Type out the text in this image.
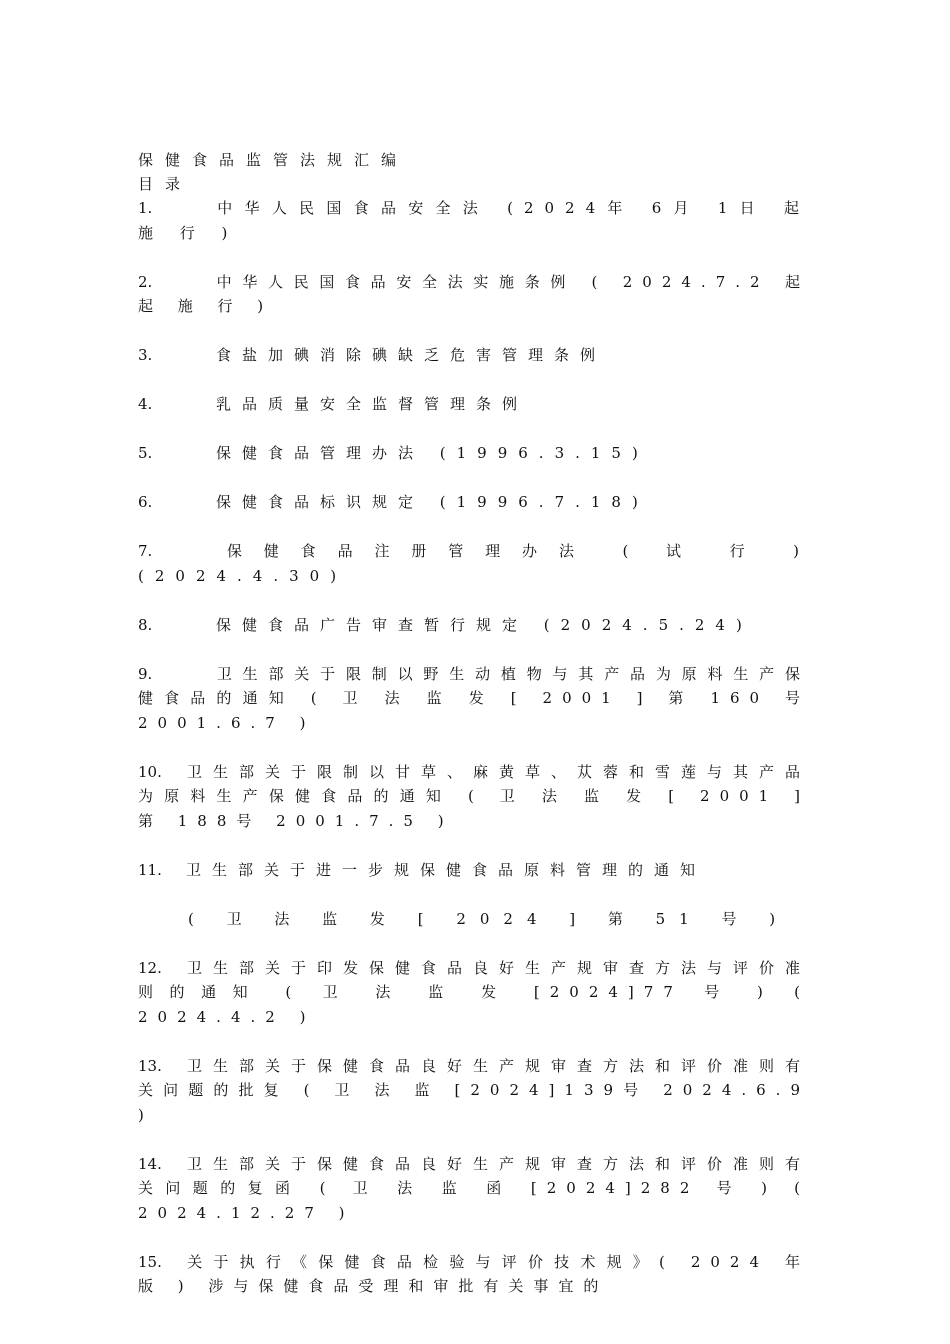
保健食品监管法规汇编
目录
1.	中华人民国食品安全法 (2024年 6月 1日 起 施 行 )
2.	中华人民国食品安全法实施条例 ( 2024.7.2 起 起 施 行 )
3.	食盐加碘消除碘缺乏危害管理条例
4.	乳品质量安全监督管理条例
5.	保健食品管理办法 (1996.3.15)
6.	保健食品标识规定 (1996.7.18)
7.	保健食品注册管理办法 ( 试 行 ) (2024.4.30)
8.	保健食品广告审查暂行规定 (2024.5.24)
9.	卫生部关于限制以野生动植物与其产品为原料生产保健食品的通知 ( 卫 法 监 发 [ 2001 ] 第 160 号 2001.6.7 )
10. 卫生部关于限制以甘草、麻黄草、苁蓉和雪莲与其产品为原料生产保健食品的通知 ( 卫 法 监 发 [ 2001 ] 第 188号 2001.7.5 )
11. 卫生部关于进一步规保健食品原料管理的通知
( 卫 法 监 发 [ 2024 ] 第 51 号 )
12. 卫生部关于印发保健食品良好生产规审查方法与评价准则的通知 ( 卫 法 监 发 [2024]77 号 ) ( 2024.4.2 )
13. 卫生部关于保健食品良好生产规审查方法和评价准则有关问题的批复 ( 卫 法 监 [2024]139号 2024.6.9 )
14. 卫生部关于保健食品良好生产规审查方法和评价准则有关问题的复函 ( 卫 法 监 函 [2024]282 号 ) ( 2024.12.27 )
15. 关于执行《保健食品检验与评价技术规》( 2024 年 版 ) 涉与保健食品受理和审批有关事宜的
